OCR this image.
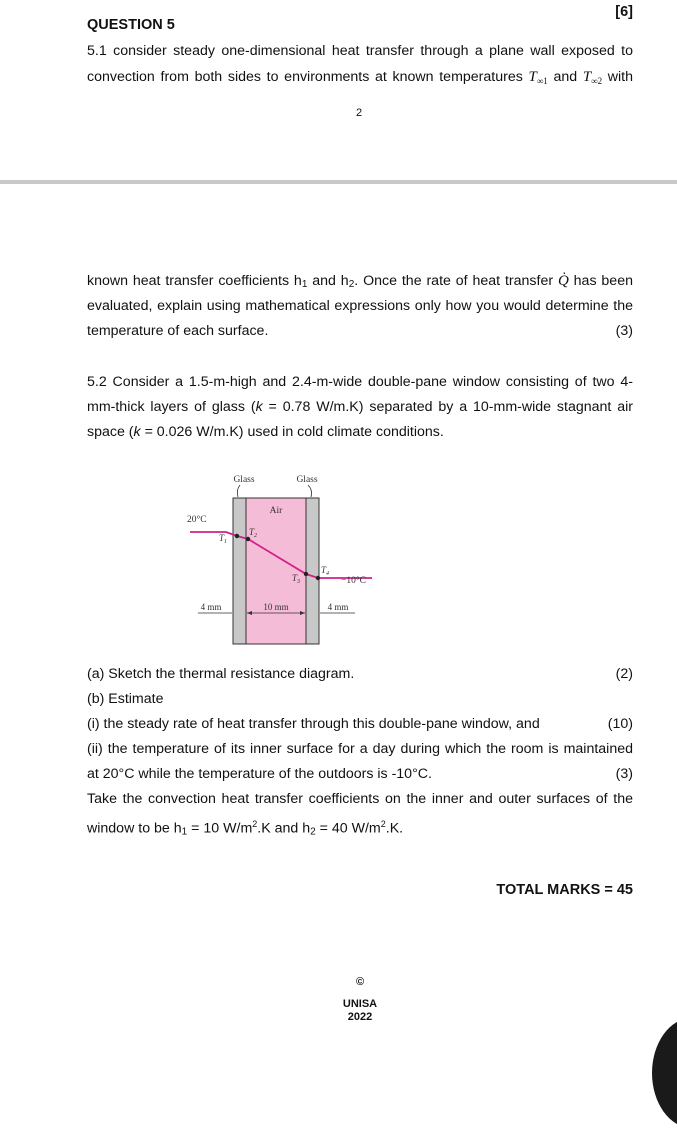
[6]
QUESTION 5
5.1 consider steady one-dimensional heat transfer through a plane wall exposed to
convection from both sides to environments at known temperatures $T_{\infty 1}$ and $T_{\infty 2}$ with
2
known heat transfer coefficients $h_1$ and $h_2$. Once the rate of heat transfer Q̇ has been
evaluated, explain using mathematical expressions only how you would determine the
temperature of each surface.	(3)
5.2 Consider a 1.5-m-high and 2.4-m-wide double-pane window consisting of two 4-
mm-thick layers of glass (k = 0.78 W/m.K) separated by a 10-mm-wide stagnant air
space (k = 0.026 W/m.K) used in cold climate conditions.
Glass	Glass
Air
20°C
−10°C
$T_1$
$T_2$
$T_3$
$T_4$
4 mm	10 mm	4 mm
(a) Sketch the thermal resistance diagram.	(2)
(b) Estimate
(i) the steady rate of heat transfer through this double-pane window, and	(10)
(ii) the temperature of its inner surface for a day during which the room is maintained
at 20°C while the temperature of the outdoors is -10°C.	(3)
Take the convection heat transfer coefficients on the inner and outer surfaces of the
window to be $h_1 = 10$ $W/m^2.K$ and $h_2 = 40$ $W/m^2.K$.
TOTAL MARKS = 45
©
UNISA
2022
